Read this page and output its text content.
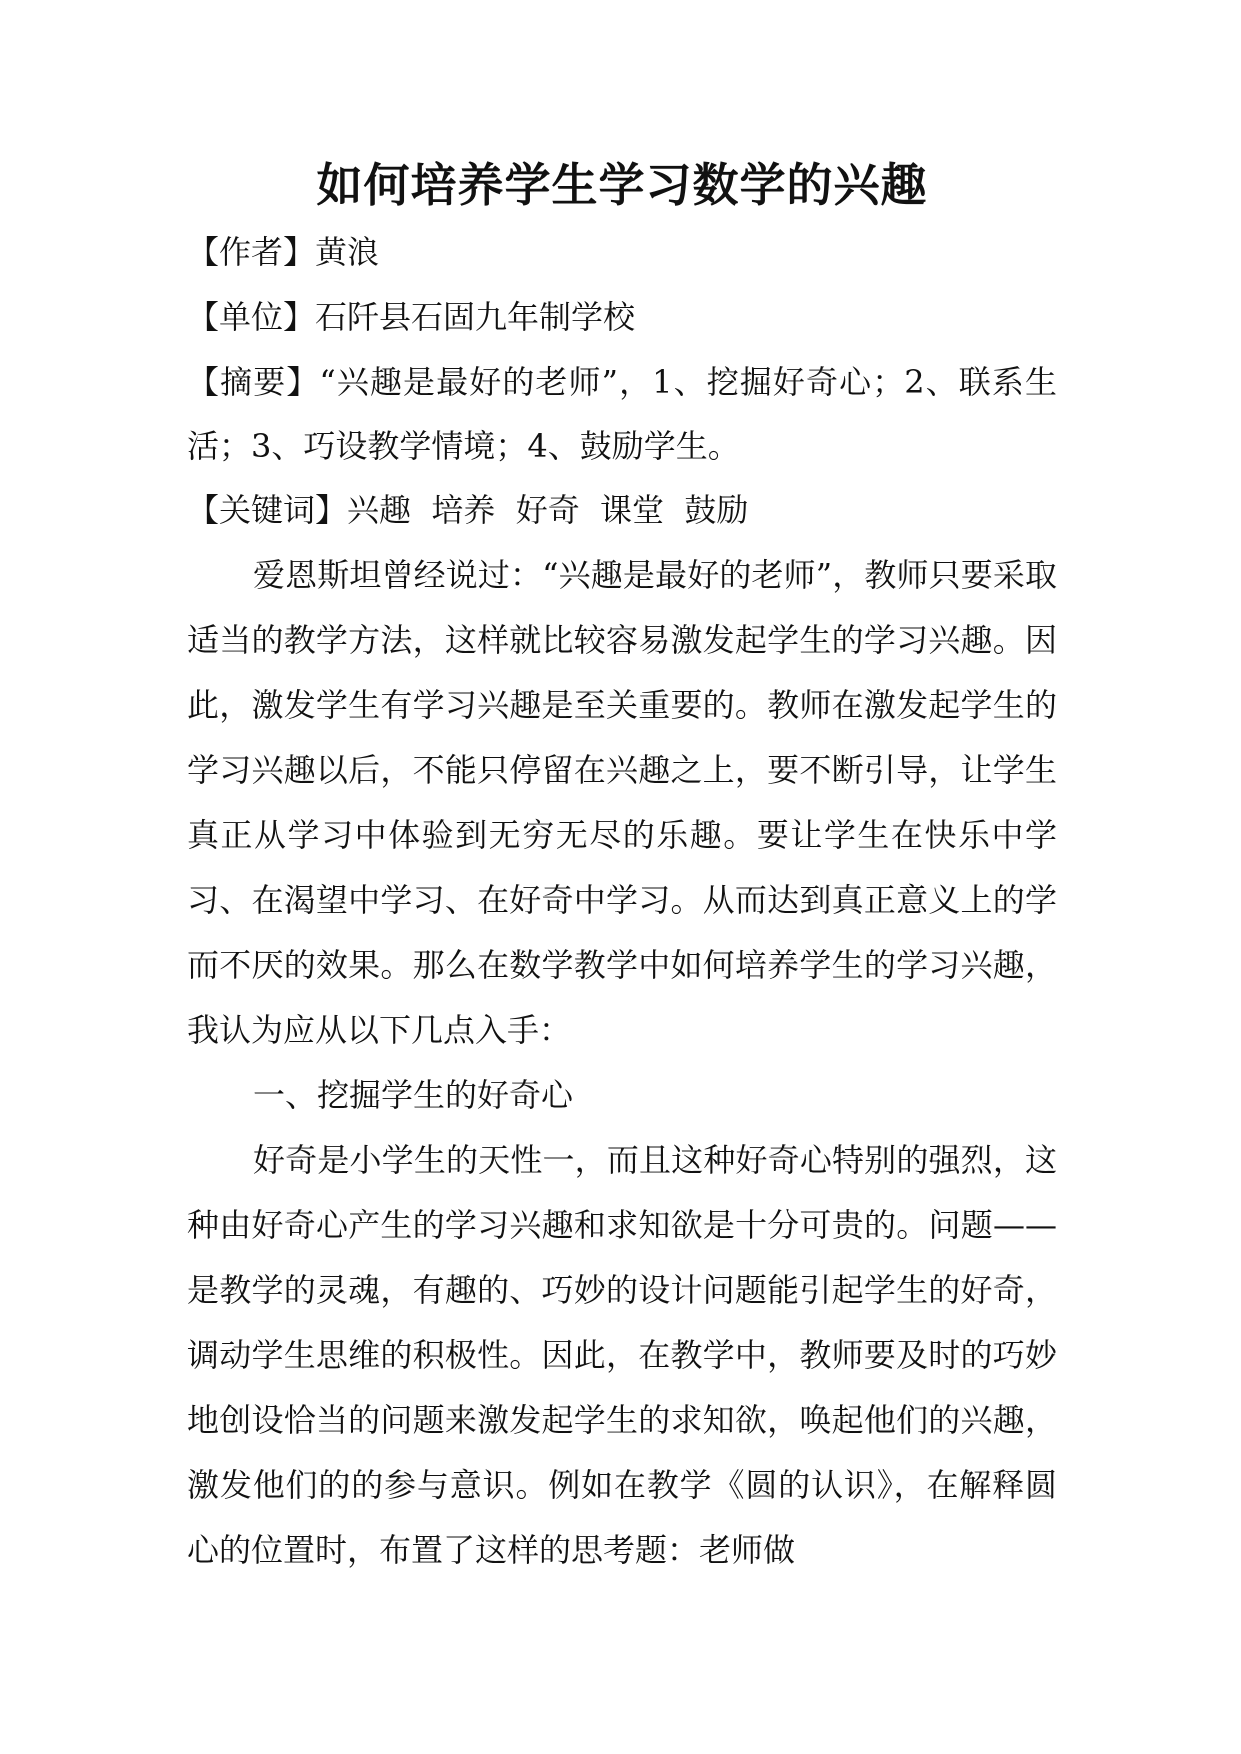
如何培养学生学习数学的兴趣

【作者】黄浪

【单位】石阡县石固九年制学校

【摘要】“兴趣是最好的老师”，1、挖掘好奇心；2、联系生活；3、巧设教学情境；4、鼓励学生。

【关键词】兴趣  培养  好奇  课堂  鼓励

爱恩斯坦曾经说过：“兴趣是最好的老师”，教师只要采取适当的教学方法，这样就比较容易激发起学生的学习兴趣。因此，激发学生有学习兴趣是至关重要的。教师在激发起学生的学习兴趣以后，不能只停留在兴趣之上，要不断引导，让学生真正从学习中体验到无穷无尽的乐趣。要让学生在快乐中学习、在渴望中学习、在好奇中学习。从而达到真正意义上的学而不厌的效果。那么在数学教学中如何培养学生的学习兴趣，我认为应从以下几点入手：

一、挖掘学生的好奇心

好奇是小学生的天性一，而且这种好奇心特别的强烈，这种由好奇心产生的学习兴趣和求知欲是十分可贵的。问题——是教学的灵魂，有趣的、巧妙的设计问题能引起学生的好奇，调动学生思维的积极性。因此，在教学中，教师要及时的巧妙地创设恰当的问题来激发起学生的求知欲，唤起他们的兴趣，激发他们的的参与意识。例如在教学《圆的认识》，在解释圆心的位置时，布置了这样的思考题：老师做
